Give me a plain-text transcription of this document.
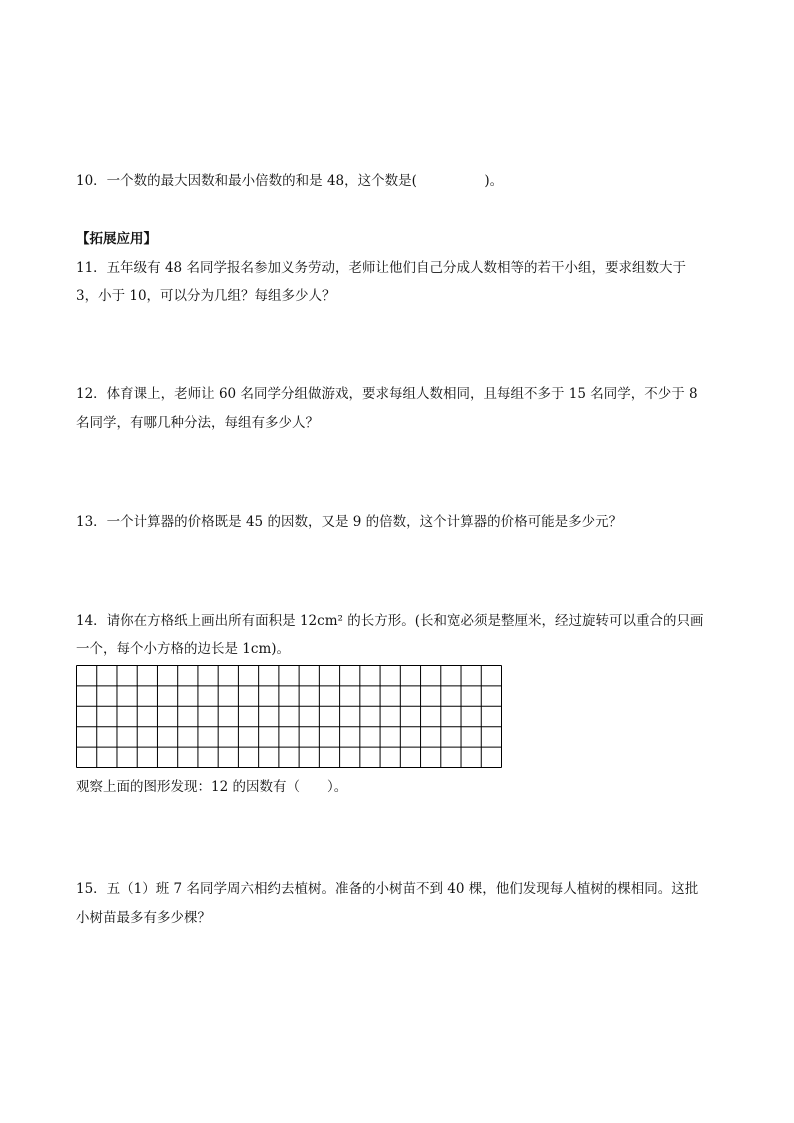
10．一个数的最大因数和最小倍数的和是 48，这个数是(　　　　　)。
【拓展应用】
11．五年级有 48 名同学报名参加义务劳动，老师让他们自己分成人数相等的若干小组，要求组数大于
3，小于 10，可以分为几组？每组多少人？
12．体育课上，老师让 60 名同学分组做游戏，要求每组人数相同，且每组不多于 15 名同学，不少于 8
名同学，有哪几种分法，每组有多少人？
13．一个计算器的价格既是 45 的因数，又是 9 的倍数，这个计算器的价格可能是多少元？
14．请你在方格纸上画出所有面积是 12cm² 的长方形。(长和宽必须是整厘米，经过旋转可以重合的只画
一个，每个小方格的边长是 1cm)。
观察上面的图形发现：12 的因数有（　　）。
15．五（1）班 7 名同学周六相约去植树。准备的小树苗不到 40 棵，他们发现每人植树的棵相同。这批
小树苗最多有多少棵？
